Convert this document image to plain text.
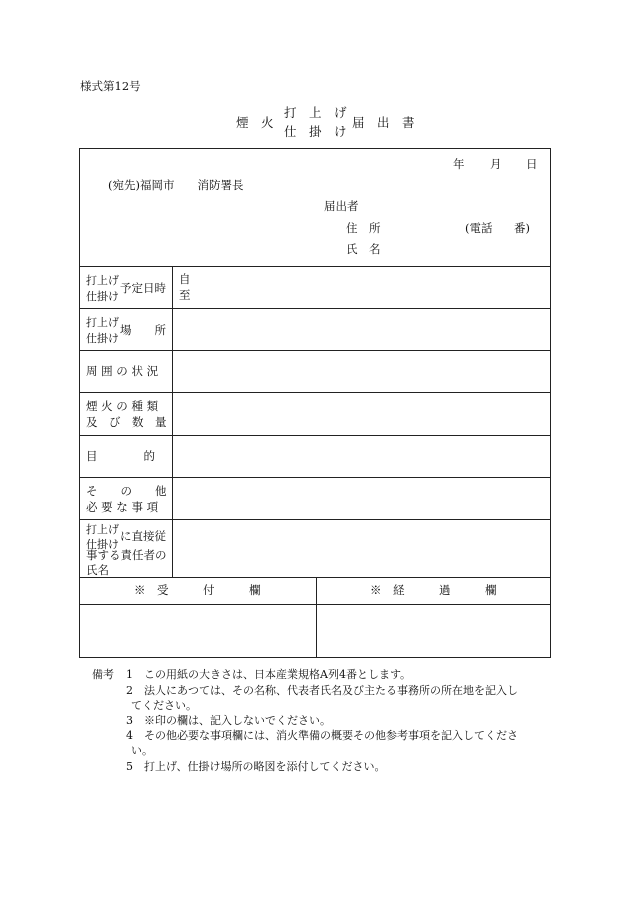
様式第12号
煙　火
打　上　げ
仕　掛　け
届　出　書
年 月 日
(宛先)福岡市　　消防署長
届出者
住　所	(電話 番)
氏　名
打上げ
仕掛け
予定日時
自
至
打上げ
仕掛け
場　　所
周 囲 の 状 況
煙 火 の 種 類
及　び　数　量
目　　　　的
そ　　の　　他
必 要 な 事 項
打上げ
仕掛け
に直接従
事する責任者の
氏名
※　受　　　付　　　欄	※　経　　　過　　　欄
備考 1　この用紙の大きさは、日本産業規格A列4番とします。
2　法人にあつては、その名称、代表者氏名及び主たる事務所の所在地を記入し
てください。
3　※印の欄は、記入しないでください。
4　その他必要な事項欄には、消火準備の概要その他参考事項を記入してくださ
い。
5　打上げ、仕掛け場所の略図を添付してください。
